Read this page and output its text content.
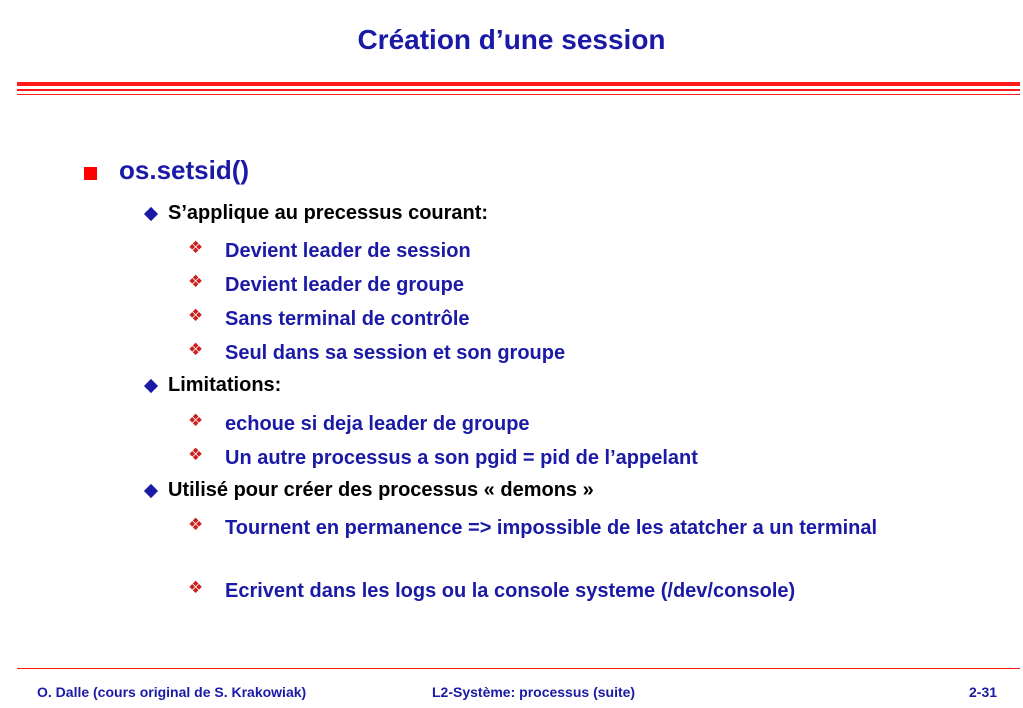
Création d’une session
os.setsid()
S’applique au precessus courant:
❖ Devient leader de session
❖ Devient leader de groupe
❖ Sans terminal de contrôle
❖ Seul dans sa session et son groupe
Limitations:
❖ echoue si deja leader de groupe
❖ Un autre processus a son pgid = pid de l’appelant
Utilisé pour créer des processus « demons »
❖ Tournent en permanence => impossible de les atatcher a un terminal
❖ Ecrivent dans les logs ou la console systeme (/dev/console)
O. Dalle (cours original de S. Krakowiak)	L2-Système: processus (suite)	2-31
